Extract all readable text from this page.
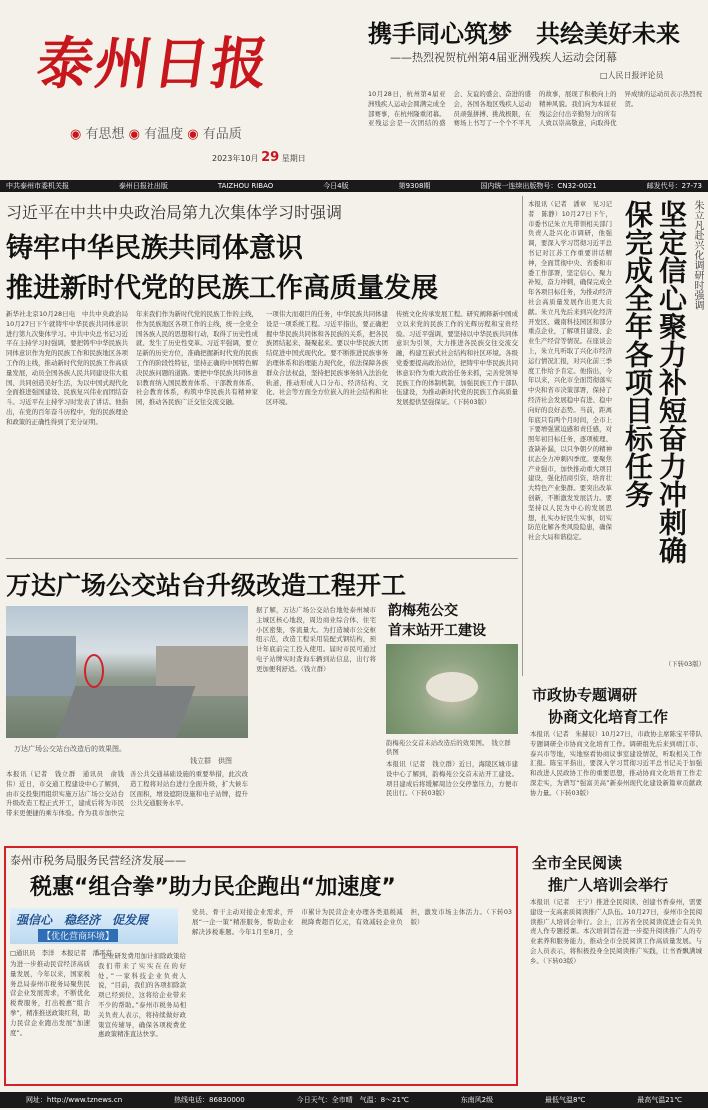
泰州日报
◉ 有思想 ◉ 有温度 ◉ 有品质
2023年10月 29 星期日
携手同心筑梦　共绘美好未来
——热烈祝贺杭州第4届亚洲残疾人运动会闭幕
□人民日报评论员
10月28日，杭州第4届亚洲残疾人运动会圆满完成全部赛事，在杭州隆重闭幕。亚残运会是一次团结的盛会、友谊的盛会、奋进的盛会，各国各地区残疾人运动员顽强拼搏、挑战极限，在赛场上书写了一个个不平凡的故事，展现了积极向上的精神风貌。我们向为本届亚残运会付出辛勤努力的所有人致以崇高敬意，向取得优异成绩的运动员表示热烈祝贺。
中共泰州市委机关报	泰州日报社出版	TAIZHOU RIBAO	今日4版	第9308期	国内统一连续出版物号：CN32-0021	邮发代号：27-73
习近平在中共中央政治局第九次集体学习时强调
铸牢中华民族共同体意识
推进新时代党的民族工作高质量发展
新华社北京10月28日电　中共中央政治局10月27日下午就铸牢中华民族共同体意识进行第九次集体学习。中共中央总书记习近平在主持学习时强调，要把铸牢中华民族共同体意识作为党的民族工作和民族地区各项工作的主线，推动新时代党的民族工作高质量发展，动员全国各族人民共同建设伟大祖国、共同创造美好生活，为以中国式现代化全面推进强国建设、民族复兴伟业而团结奋斗。习近平在主持学习时发表了讲话。他指出，在党的百年奋斗历程中，党的民族理论和政策的正确性得到了充分证明。
年来我们作为新时代党的民族工作的主线，作为民族地区各项工作的主线，统一全党全国各族人民的思想和行动，取得了历史性成就、发生了历史性变革。习近平强调，要立足新的历史方位，准确把握新时代党的民族工作的阶段性特征，坚持正确的中国特色解决民族问题的道路。要把中华民族共同体意识教育纳入国民教育体系、干部教育体系、社会教育体系，构筑中华民族共有精神家园，推动各民族广泛交往交流交融。
一项伟大而艰巨的任务，中华民族共同体建设是一项系统工程。习近平指出，要正确把握中华民族共同体和各民族的关系，把各民族团结起来、凝聚起来。要以中华民族大团结促进中国式现代化。要不断推进民族事务治理体系和治理能力现代化，依法保障各族群众合法权益，坚持把民族事务纳入法治化轨道，推动形成人口分布、经济结构、文化、社会等方面全方位嵌入的社会结构和社区环境。
传统文化传承发展工程。研究阐释新中国成立以来党的民族工作的光辉历程和宝贵经验。习近平强调，要坚持以中华民族共同体意识为引领，大力推进各民族交往交流交融，构建互嵌式社会结构和社区环境。各级党委要提高政治站位，把铸牢中华民族共同体意识作为重大政治任务来抓，完善党领导民族工作的体制机制，加强民族工作干部队伍建设，为推动新时代党的民族工作高质量发展提供坚强保证。（下转03版）
朱立凡赴兴化调研时强调
坚定信心聚力补短奋力冲刺确保完成全年各项目标任务
本报讯（记者　潘章　见习记者　陈静）10月27日下午，市委书记朱立凡带领相关部门负责人赴兴化市调研，他强调，要深入学习贯彻习近平总书记对江苏工作重要讲话精神，全面贯彻中央、省委和市委工作部署，坚定信心、聚力补短，奋力冲刺，确保完成全年各项目标任务，为推动经济社会高质量发展作出更大贡献。朱立凡先后来到兴化经济开发区、戴南科技园区和部分重点企业，了解项目建设、企业生产经营等情况。在座谈会上，朱立凡听取了兴化市经济运行情况汇报，对兴化前三季度工作给予肯定。他指出，今年以来，兴化市全面贯彻落实中央和省市决策部署，保持了经济社会发展稳中有进、稳中向好的良好态势。当前，距离年底只有两个月时间，全市上下要增强紧迫感和责任感，对照年初目标任务，逐项梳理、查缺补漏，以只争朝夕的精神状态全力冲刺四季度。要聚焦产业强市，加快推动重大项目建设，强化招商引资，培育壮大特色产业集群。要突出改革创新，不断激发发展活力。要坚持以人民为中心的发展思想，扎实办好民生实事，切实防范化解各类风险隐患，确保社会大局和谐稳定。
（下转03版）
万达广场公交站台升级改造工程开工
万达广场公交站台改造后的效果图。
钱立群　供图
本报讯（记者　钱立群　通讯员　俞钱伟）近日，市交通工程建设中心了解到，由市交投集团组织实施万达广场公交站台升级改造工程正式开工，建成后将为市民带来更便捷的乘车体验。作为我市加快完善公共交通基础设施的重要举措，此次改造工程将对站台进行全面升级，扩大候车区面积，增设遮阳设施和电子站牌，提升公共交通服务水平。
据了解，万达广场公交站台地处泰州城市主城区核心地段，周边商业综合体、住宅小区密集，客流量大。为打造城市公交枢纽示范，改造工程采用装配式钢结构，预计年底前完工投入使用。届时市民可通过电子站牌实时查询车辆到站信息，出行将更加便利舒适。（钱立群）
韵梅苑公交
首末站开工建设
韵梅苑公交首末站改造后的效果图。　钱立群　供图
本报讯（记者　钱立群）近日，海陵区城市建设中心了解到，韵梅苑公交首末站开工建设。项目建成后将缓解周边公交停靠压力，方便市民出行。（下转03版）
市政协专题调研
协商文化培育工作
本报讯（记者　朱赫辰）10月27日，市政协主席陈宝平带队专题调研全市协商文化培育工作。调研组先后来到靖江市、泰兴市等地，实地察看协商议事室建设情况，听取相关工作汇报。陈宝平指出，要深入学习贯彻习近平总书记关于加强和改进人民政协工作的重要思想，推动协商文化培育工作走深走实，为谱写“强富美高”新泰州现代化建设新篇章贡献政协力量。（下转03版）
全市全民阅读
推广人培训会举行
本报讯（记者　王宁）推进全民阅读、创建书香泰州，需要建设一支高素质阅读推广人队伍。10月27日，泰州市全民阅读推广人培训会举行。会上，江苏省全民阅读促进会有关负责人作专题授课。本次培训旨在进一步提升阅读推广人的专业素养和服务能力，推动全市全民阅读工作高质量发展。与会人员表示，将积极投身全民阅读推广实践，让书香飘满城乡。（下转03版）
泰州市税务局服务民营经济发展——
税惠“组合拳”助力民企跑出“加速度”
强信心　稳经济　促发展
【优化营商环境】
□通讯员　李洋　本报记者　潘平京
为进一步推动民营经济高质量发展，今年以来，国家税务总局泰州市税务局聚焦民营企业发展需求，不断优化税费服务，打出税惠“组合拳”，精准推送政策红利，助力民营企业跑出发展“加速度”。
“企业研发费用加计扣除政策给我们带来了实实在在的好处。”一家科技企业负责人说，“目前，我们的各项扣除款项已经到位，这将给企业带来不少的帮助。”泰州市税务局相关负责人表示，将持续做好政策宣传辅导，确保各项税费优惠政策精准直达快享。
党员、骨干主动对接企业需求，开展“一企一策”精准服务，帮助企业解决涉税难题。今年1月至8月，全市累计为民营企业办理各类退税减税降费超百亿元，有效减轻企业负担，激发市场主体活力。（下转03版）
网址：http://www.tznews.cn	热线电话：86830000	今日天气：全市晴　气温：8～21℃	东南风2级	最低气温8℃	最高气温21℃
